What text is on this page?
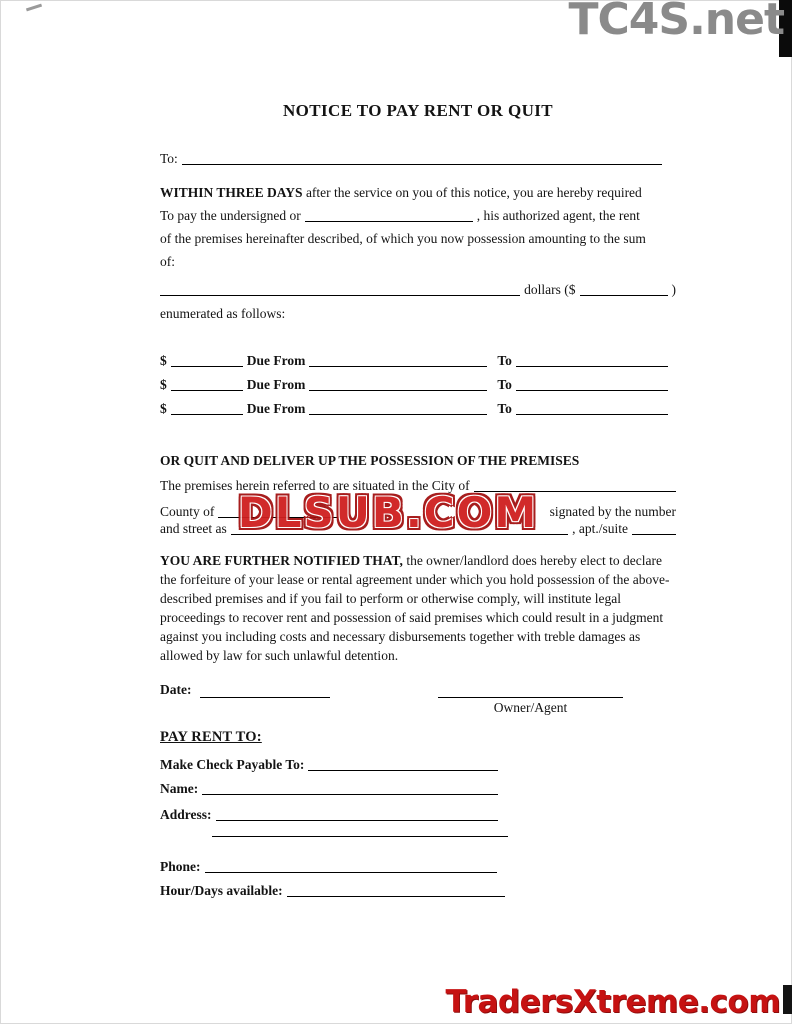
TC4S.net
NOTICE TO PAY RENT OR QUIT
To:
WITHIN THREE DAYS after the service on you of this notice, you are hereby required
To pay the undersigned or	, his authorized agent, the rent
of the premises hereinafter described, of which you now possession amounting to the sum
of:
dollars ($	)
enumerated as follows:
$	Due From	To
$	Due From	To
$	Due From	To
OR QUIT AND DELIVER UP THE POSSESSION OF THE PREMISES
The premises herein referred to are situated in the City of
County of	signated by the number
and street as	, apt./suite
YOU ARE FURTHER NOTIFIED THAT, the owner/landlord does hereby elect to declare the forfeiture of your lease or rental agreement under which you hold possession of the above-described premises and if you fail to perform or otherwise comply, will institute legal proceedings to recover rent and possession of said premises which could result in a judgment against you including costs and necessary disbursements together with treble damages as allowed by law for such unlawful detention.
Date:
Owner/Agent
PAY RENT TO:
Make Check Payable To:
Name:
Address:
Phone:
Hour/Days available:
DLSUB.COM
TradersXtreme.com
